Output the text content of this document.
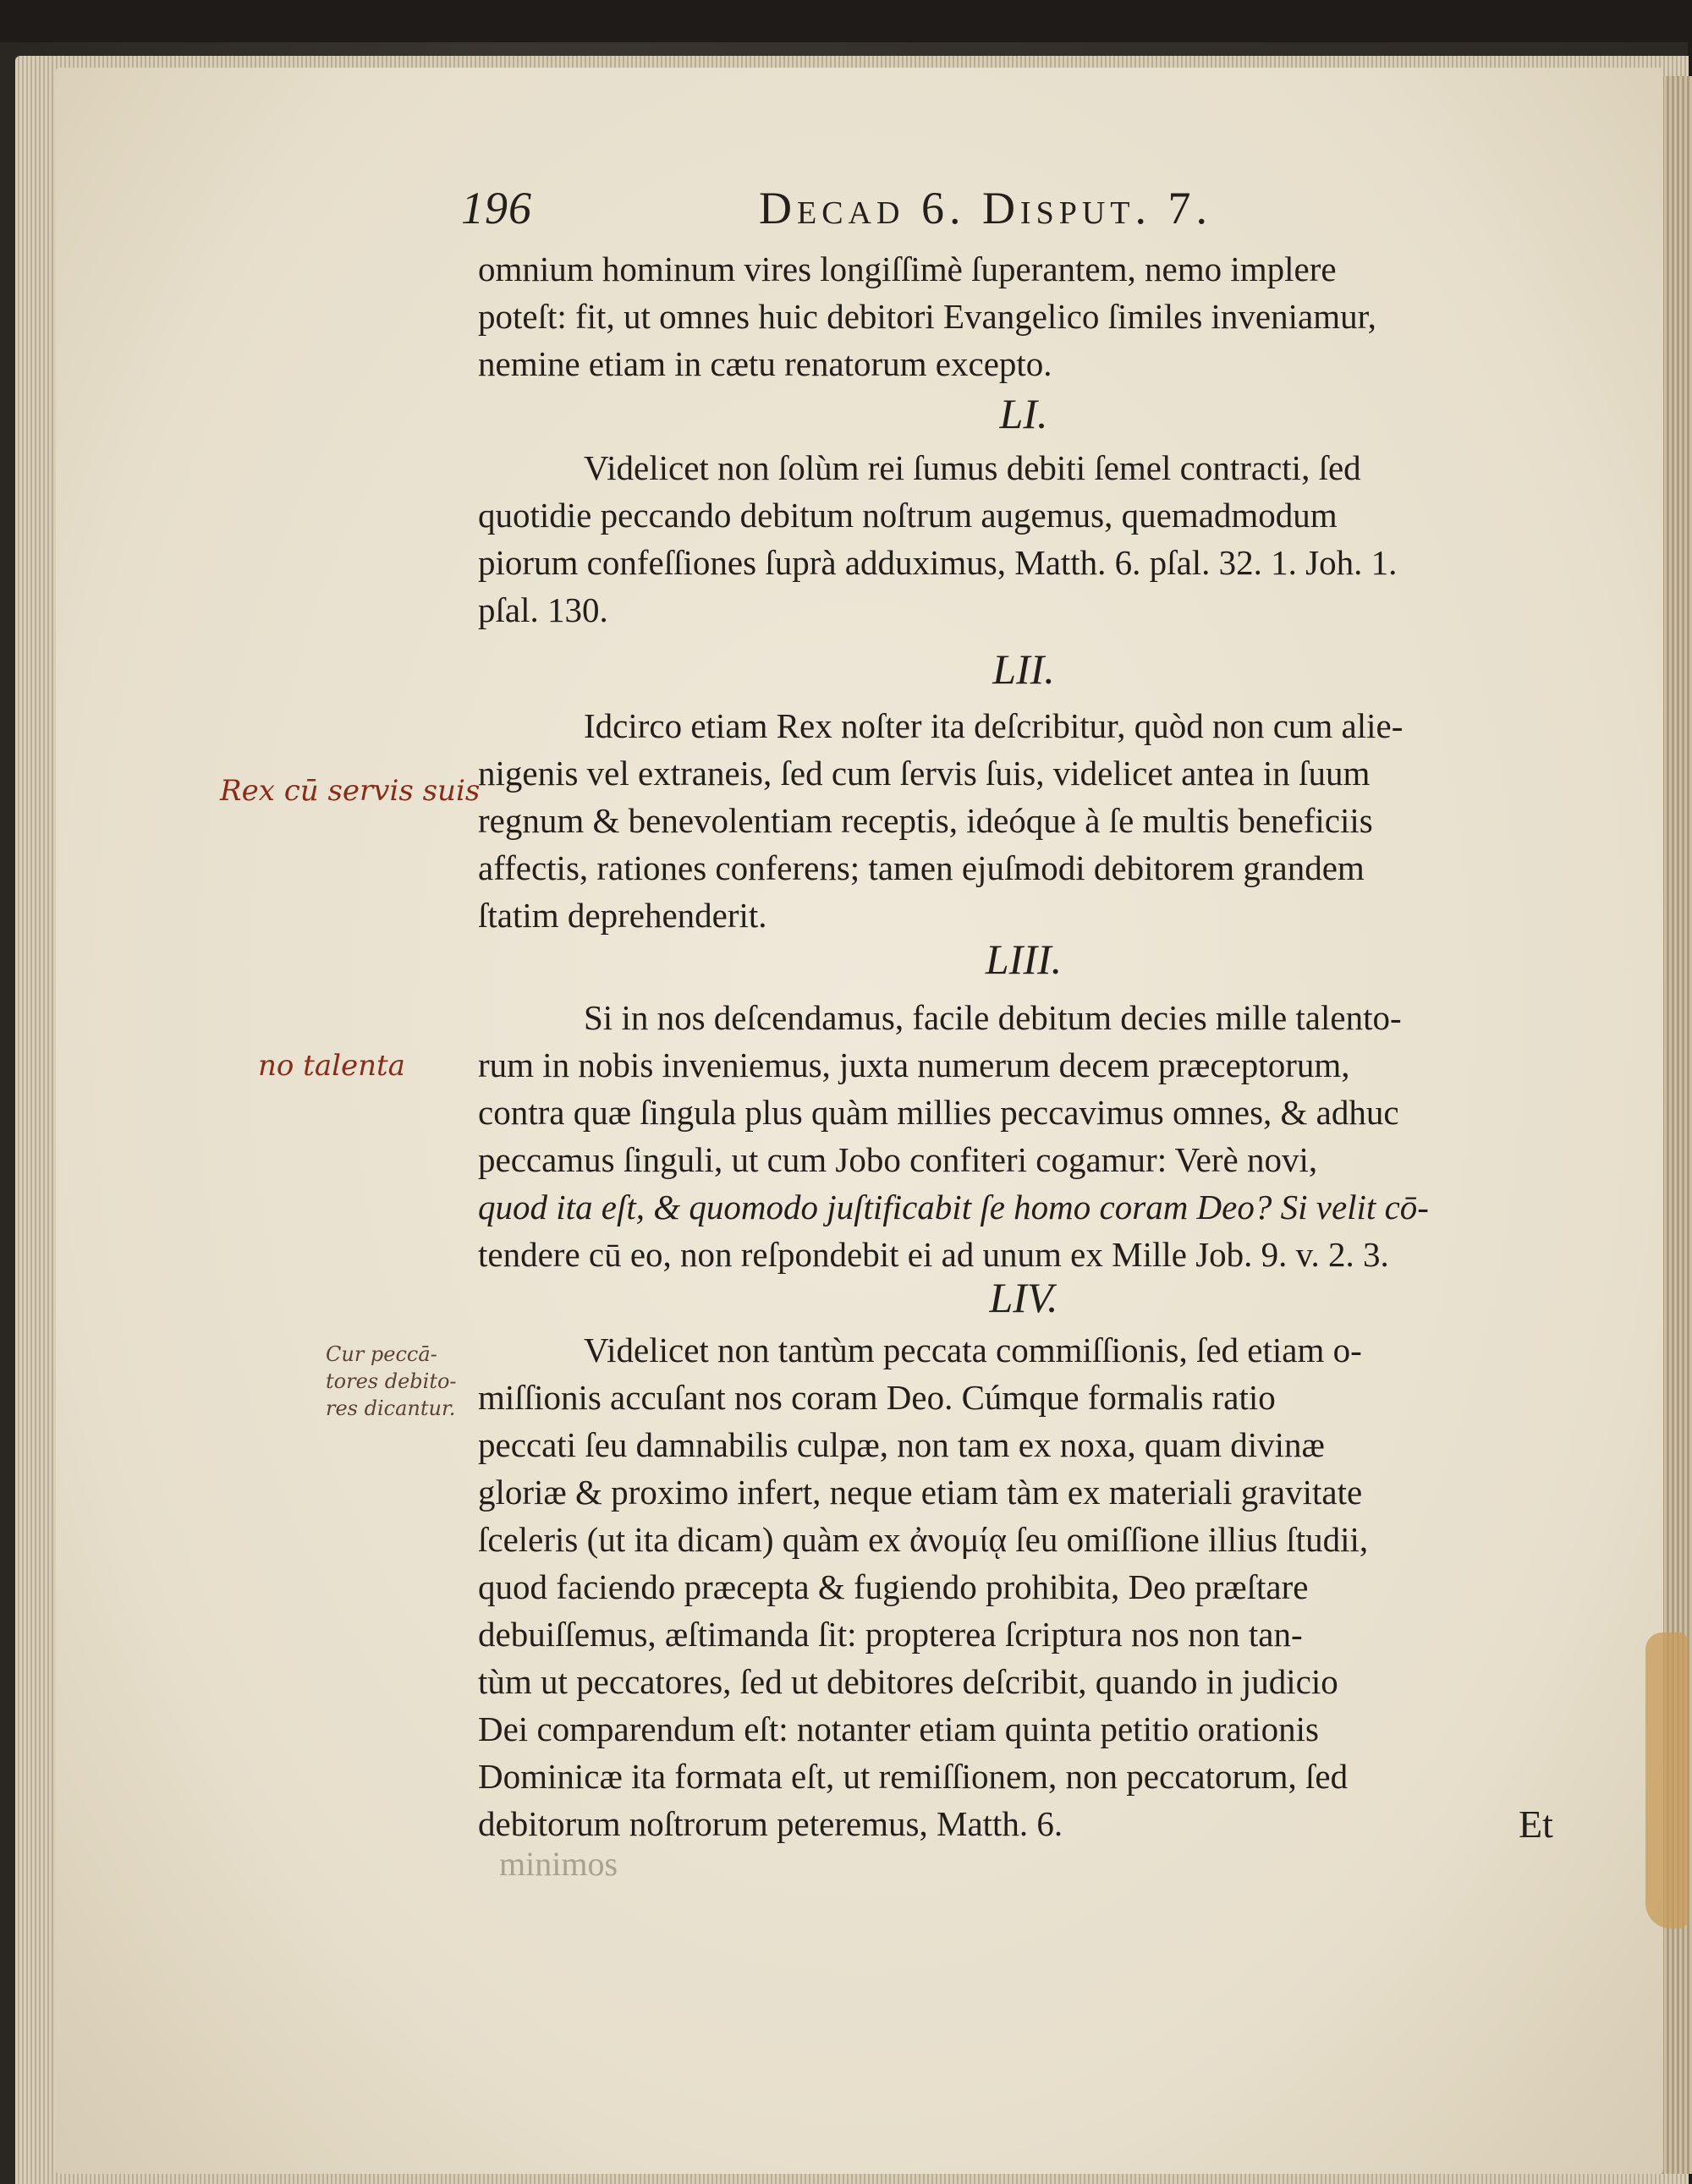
196	Decad 6. Disput. 7.
omnium hominum vires longiſſimè ſuperantem, nemo implere
poteſt: fit, ut omnes huic debitori Evangelico ſimiles inveniamur,
nemine etiam in cætu renatorum excepto.
LI.
Videlicet non ſolùm rei ſumus debiti ſemel contracti, ſed
quotidie peccando debitum noſtrum augemus, quemadmodum
piorum confeſſiones ſuprà adduximus, Matth. 6. pſal. 32. 1. Joh. 1.
pſal. 130.
LII.
Idcirco etiam Rex noſter ita deſcribitur, quòd non cum alie-
nigenis vel extraneis, ſed cum ſervis ſuis, videlicet antea in ſuum
regnum & benevolentiam receptis, ideóque à ſe multis beneficiis
affectis, rationes conferens; tamen ejuſmodi debitorem grandem
ſtatim deprehenderit.
LIII.
Si in nos deſcendamus, facile debitum decies mille talento-
rum in nobis inveniemus, juxta numerum decem præceptorum,
contra quæ ſingula plus quàm millies peccavimus omnes, & adhuc
peccamus ſinguli, ut cum Jobo confiteri cogamur: Verè novi,
quod ita eſt, & quomodo juſtificabit ſe homo coram Deo? Si velit cō-
tendere cū eo, non reſpondebit ei ad unum ex Mille Job. 9. v. 2. 3.
LIV.
Videlicet non tantùm peccata commiſſionis, ſed etiam o-
miſſionis accuſant nos coram Deo. Cúmque formalis ratio
peccati ſeu damnabilis culpæ, non tam ex noxa, quam divinæ
gloriæ & proximo infert, neque etiam tàm ex materiali gravitate
ſceleris (ut ita dicam) quàm ex ἀνομίᾳ ſeu omiſſione illius ſtudii,
quod faciendo præcepta & fugiendo prohibita, Deo præſtare
debuiſſemus, æſtimanda ſit: propterea ſcriptura nos non tan-
tùm ut peccatores, ſed ut debitores deſcribit, quando in judicio
Dei comparendum eſt: notanter etiam quinta petitio orationis
Dominicæ ita formata eſt, ut remiſſionem, non peccatorum, ſed
debitorum noſtrorum peteremus, Matth. 6.
Rex cū servis suis
no talenta
Cur peccā-
tores debito-
res dicantur.
Et
minimos
